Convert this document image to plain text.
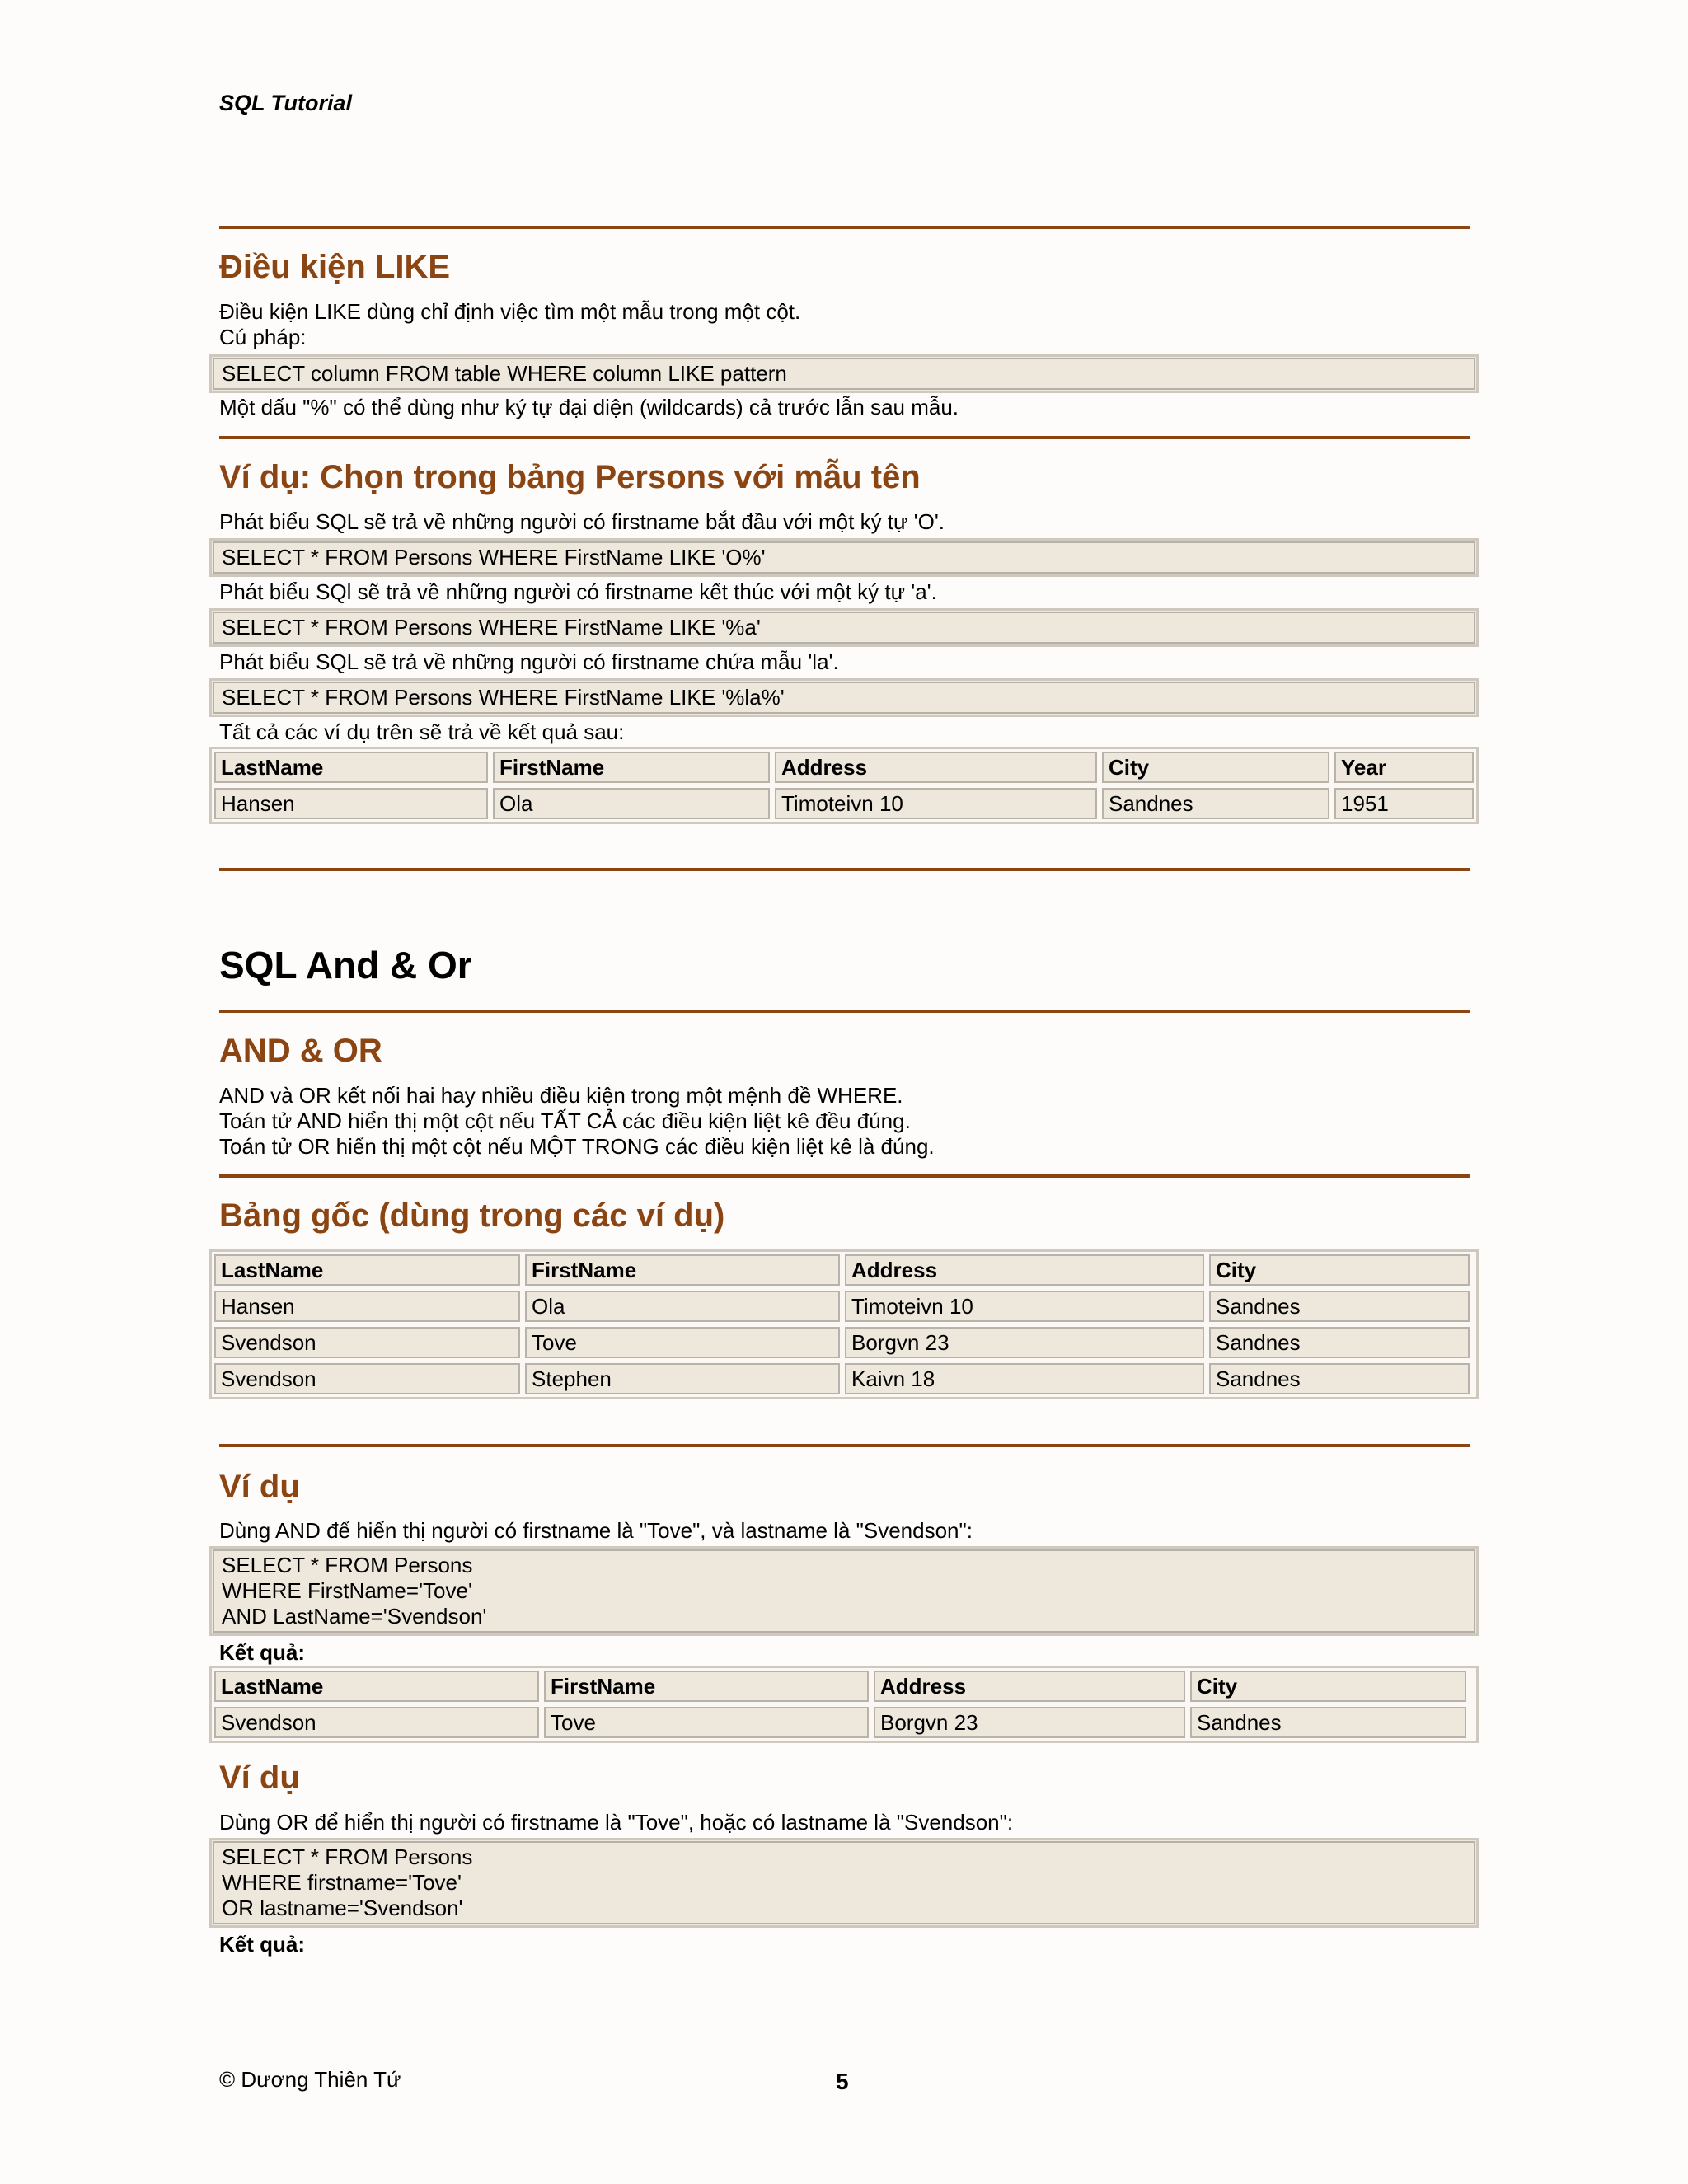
SQL Tutorial
Điều kiện LIKE
Điều kiện LIKE dùng chỉ định việc tìm một mẫu trong một cột.
Cú pháp:
SELECT column FROM table WHERE column LIKE pattern
Một dấu "%" có thể dùng như ký tự đại diện (wildcards) cả trước lẫn sau mẫu.
Ví dụ: Chọn trong bảng Persons với mẫu tên
Phát biểu SQL sẽ trả về những người có firstname bắt đầu với một ký tự 'O'.
SELECT * FROM Persons WHERE FirstName LIKE 'O%'
Phát biểu SQl sẽ trả về những người có firstname kết thúc với một ký tự 'a'.
SELECT * FROM Persons WHERE FirstName LIKE '%a'
Phát biểu SQL sẽ trả về những người có firstname chứa mẫu 'la'.
SELECT * FROM Persons WHERE FirstName LIKE '%la%'
Tất cả các ví dụ trên sẽ trả về kết quả sau:
LastName	FirstName	Address	City	Year
Hansen	Ola	Timoteivn 10	Sandnes	1951
SQL And & Or
AND & OR
AND và OR kết nối hai hay nhiều điều kiện trong một mệnh đề WHERE.
Toán tử AND hiển thị một cột nếu TẤT CẢ các điều kiện liệt kê đều đúng.
Toán tử OR hiển thị một cột nếu MỘT TRONG các điều kiện liệt kê là đúng.
Bảng gốc (dùng trong các ví dụ)
LastName	FirstName	Address	City
Hansen	Ola	Timoteivn 10	Sandnes
Svendson	Tove	Borgvn 23	Sandnes
Svendson	Stephen	Kaivn 18	Sandnes
Ví dụ
Dùng AND để hiển thị người có firstname là "Tove", và lastname là "Svendson":
SELECT * FROM Persons
WHERE FirstName='Tove'
AND LastName='Svendson'
Kết quả:
LastName	FirstName	Address	City
Svendson	Tove	Borgvn 23	Sandnes
Ví dụ
Dùng OR để hiển thị người có firstname là "Tove", hoặc có lastname là "Svendson":
SELECT * FROM Persons
WHERE firstname='Tove'
OR lastname='Svendson'
Kết quả:
© Dương Thiên Tứ	5
